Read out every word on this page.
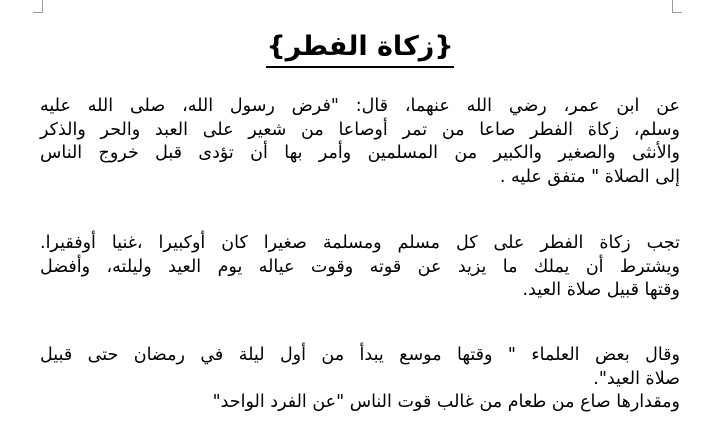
{زكاة الفطر}
عن ابن عمر، رضي الله عنهما، قال: "فرض رسول الله، صلى الله عليه
وسلم، زكاة الفطر صاعا من تمر أوصاعا من شعير على العبد والحر والذكر
والأنثى والصغير والكبير من المسلمين وأمر بها أن تؤدى قبل خروج الناس
إلى الصلاة " متفق عليه .
تجب زكاة الفطر على كل مسلم ومسلمة صغيرا كان أوكبيرا ،غنيا أوفقيرا.
ويشترط أن يملك ما يزيد عن قوته وقوت عياله يوم العيد وليلته، وأفضل
وقتها قبيل صلاة العيد.
وقال بعض العلماء " وقتها موسع يبدأ من أول ليلة في رمضان حتى قبيل
صلاة العيد".
ومقدارها صاع من طعام من غالب قوت الناس "عن الفرد الواحد"
